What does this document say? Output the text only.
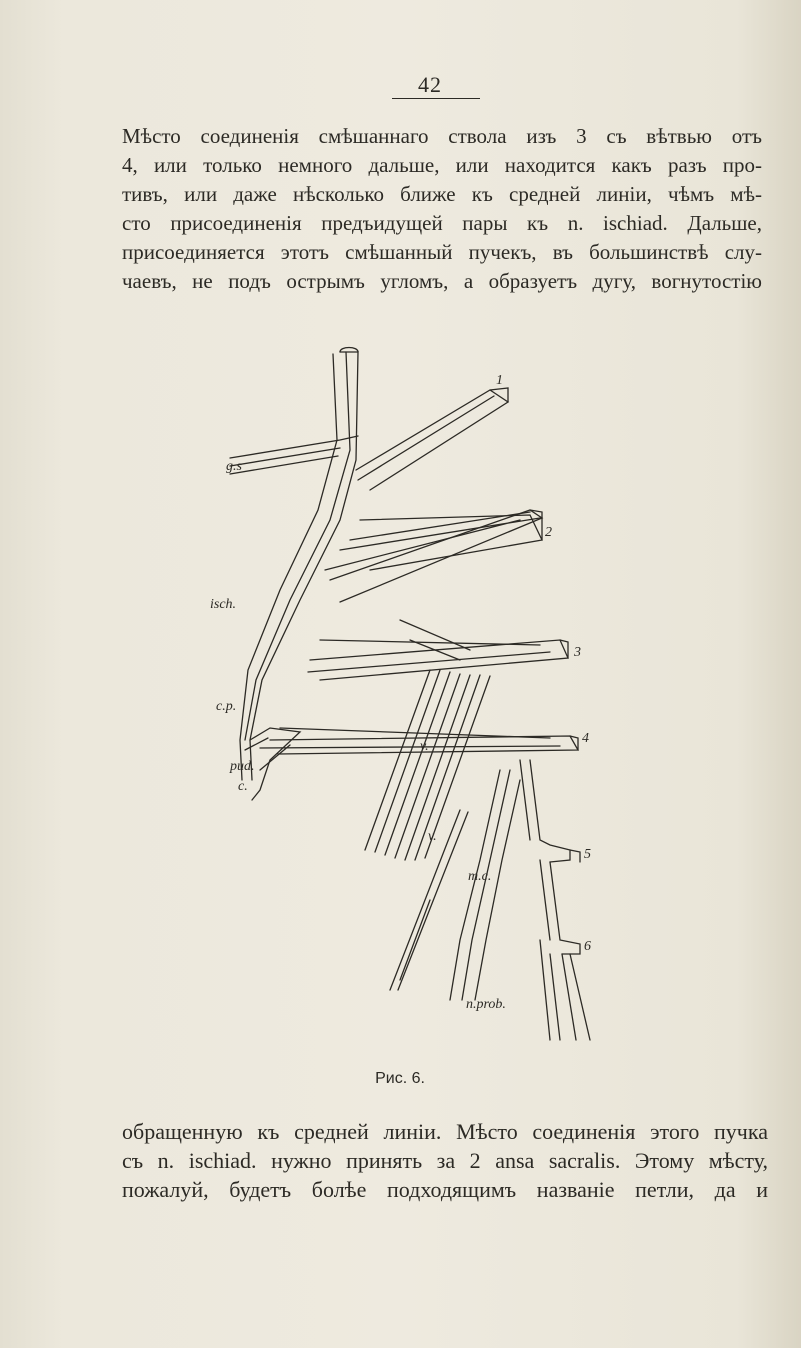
42
Мѣсто соединенія смѣшаннаго ствола изъ 3 съ вѣтвью отъ
4, или только немного дальше, или находится какъ разъ про-
тивъ, или даже нѣсколько ближе къ средней линіи, чѣмъ мѣ-
сто присоединенія предъидущей пары къ n. ischiad. Дальше,
присоединяется этотъ смѣшанный пучекъ, въ большинствѣ слу-
чаевъ, не подъ острымъ угломъ, а образуетъ дугу, вогнутостію
1
2
3
4
5
6
g.s
isch.
c.p.
pud.
c.
v.
v.
m.c.
n.prob.
Рис. 6.
обращенную къ средней линіи. Мѣсто соединенія этого пучка
съ n. ischiad. нужно принять за 2 ansa sacralis. Этому мѣсту,
пожалуй, будетъ болѣе подходящимъ названіе петли, да и
